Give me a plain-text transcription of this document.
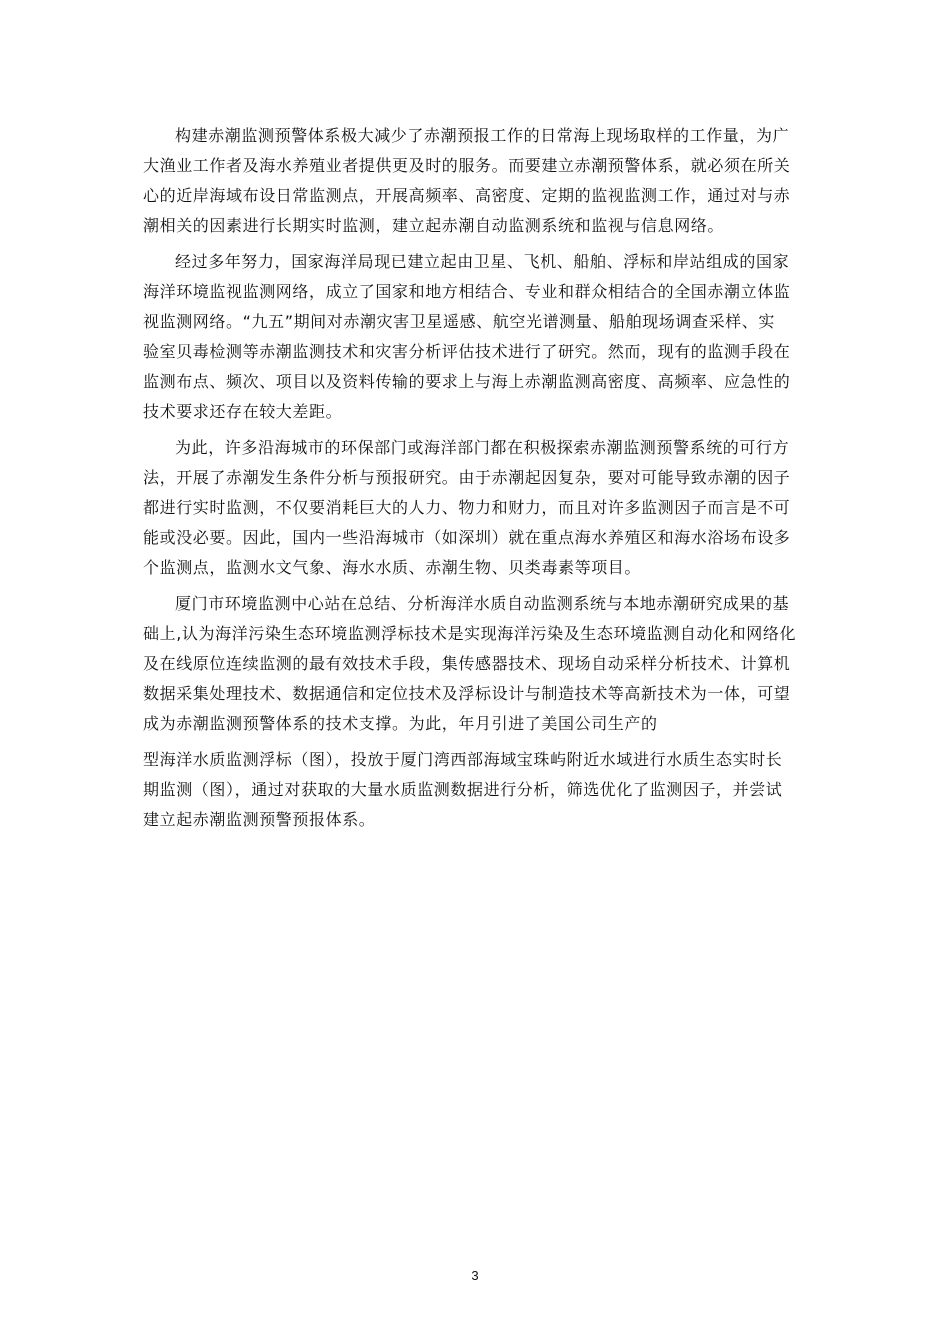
构建赤潮监测预警体系极大减少了赤潮预报工作的日常海上现场取样的工作量，为广
大渔业工作者及海水养殖业者提供更及时的服务。而要建立赤潮预警体系，就必须在所关
心的近岸海域布设日常监测点，开展高频率、高密度、定期的监视监测工作，通过对与赤
潮相关的因素进行长期实时监测，建立起赤潮自动监测系统和监视与信息网络。

经过多年努力，国家海洋局现已建立起由卫星、飞机、船舶、浮标和岸站组成的国家
海洋环境监视监测网络，成立了国家和地方相结合、专业和群众相结合的全国赤潮立体监
视监测网络。“九五”期间对赤潮灾害卫星遥感、航空光谱测量、船舶现场调查采样、实
验室贝毒检测等赤潮监测技术和灾害分析评估技术进行了研究。然而，现有的监测手段在
监测布点、频次、项目以及资料传输的要求上与海上赤潮监测高密度、高频率、应急性的
技术要求还存在较大差距。

为此，许多沿海城市的环保部门或海洋部门都在积极探索赤潮监测预警系统的可行方
法，开展了赤潮发生条件分析与预报研究。由于赤潮起因复杂，要对可能导致赤潮的因子
都进行实时监测，不仅要消耗巨大的人力、物力和财力，而且对许多监测因子而言是不可
能或没必要。因此，国内一些沿海城市（如深圳）就在重点海水养殖区和海水浴场布设多
个监测点，监测水文气象、海水水质、赤潮生物、贝类毒素等项目。

厦门市环境监测中心站在总结、分析海洋水质自动监测系统与本地赤潮研究成果的基
础上,认为海洋污染生态环境监测浮标技术是实现海洋污染及生态环境监测自动化和网络化
及在线原位连续监测的最有效技术手段，集传感器技术、现场自动采样分析技术、计算机
数据采集处理技术、数据通信和定位技术及浮标设计与制造技术等高新技术为一体，可望
成为赤潮监测预警体系的技术支撑。为此，年月引进了美国公司生产的

型海洋水质监测浮标（图），投放于厦门湾西部海域宝珠屿附近水域进行水质生态实时长
期监测（图），通过对获取的大量水质监测数据进行分析，筛选优化了监测因子，并尝试
建立起赤潮监测预警预报体系。

3
